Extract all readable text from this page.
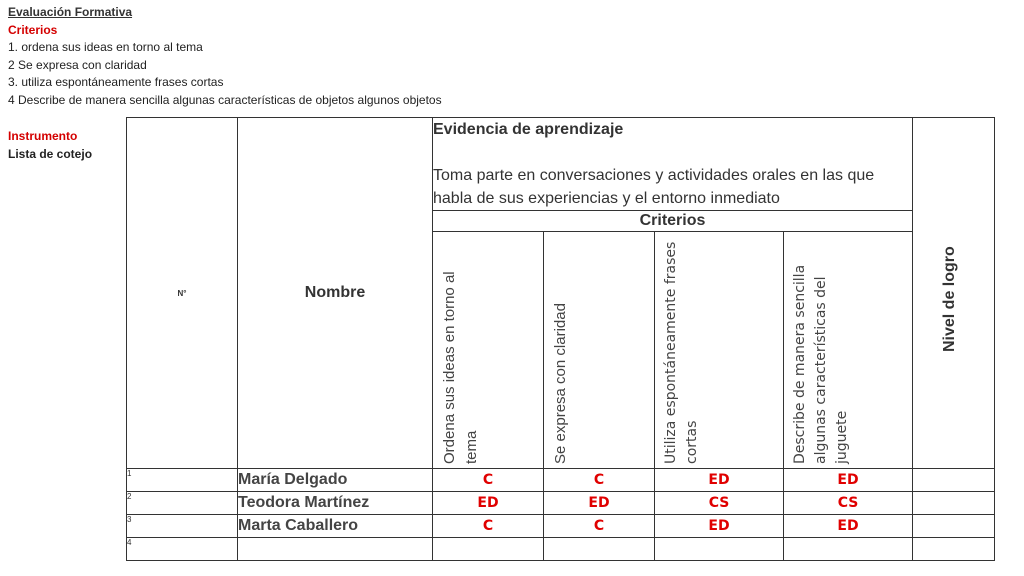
Evaluación Formativa
Criterios
1. ordena sus ideas en torno al tema
2 Se expresa con claridad
3. utiliza espontáneamente frases cortas
4 Describe de manera sencilla algunas características de objetos algunos objetos
Instrumento
Lista de cotejo
N°	Nombre	Evidencia de aprendizaje
Toma parte en conversaciones y actividades orales en las que habla de sus experiencias y el entorno inmediato				Nivel de logro

		Criterios				

		Ordena sus ideas en torno al tema	Se expresa con claridad	Utiliza espontáneamente frases cortas	Describe de manera sencilla algunas características del juguete	

1	María Delgado	C	C	ED	ED	
2	Teodora Martínez	ED	ED	CS	CS	
3	Marta Caballero	C	C	ED	ED	
4						
